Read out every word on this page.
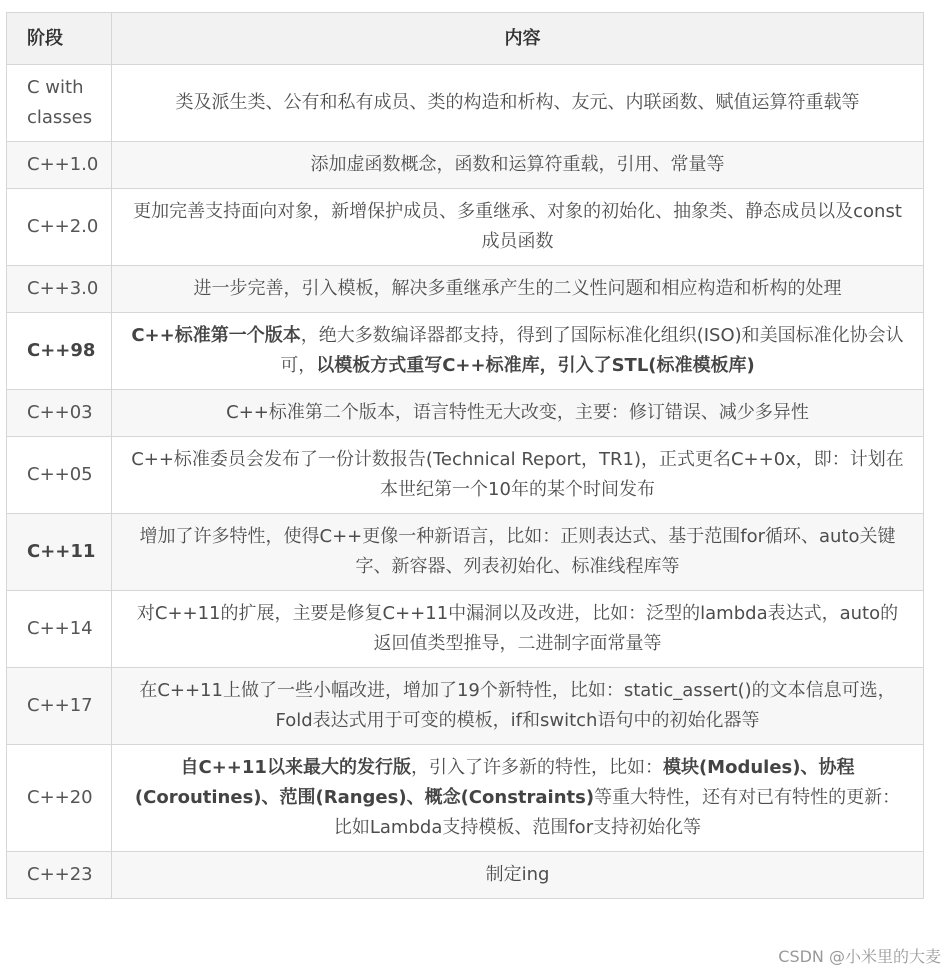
阶段	内容
C with classes	类及派生类、公有和私有成员、类的构造和析构、友元、内联函数、赋值运算符重载等
C++1.0	添加虚函数概念，函数和运算符重载，引用、常量等
C++2.0	更加完善支持面向对象，新增保护成员、多重继承、对象的初始化、抽象类、静态成员以及const成员函数
C++3.0	进一步完善，引入模板，解决多重继承产生的二义性问题和相应构造和析构的处理
C++98	C++标准第一个版本，绝大多数编译器都支持，得到了国际标准化组织(ISO)和美国标准化协会认可，以模板方式重写C++标准库，引入了STL(标准模板库)
C++03	C++标准第二个版本，语言特性无大改变，主要：修订错误、减少多异性
C++05	C++标准委员会发布了一份计数报告(Technical Report，TR1)，正式更名C++0x，即：计划在本世纪第一个10年的某个时间发布
C++11	增加了许多特性，使得C++更像一种新语言，比如：正则表达式、基于范围for循环、auto关键字、新容器、列表初始化、标准线程库等
C++14	对C++11的扩展，主要是修复C++11中漏洞以及改进，比如：泛型的lambda表达式，auto的返回值类型推导，二进制字面常量等
C++17	在C++11上做了一些小幅改进，增加了19个新特性，比如：static_assert()的文本信息可选，Fold表达式用于可变的模板，if和switch语句中的初始化器等
C++20	自C++11以来最大的发行版，引入了许多新的特性，比如：模块(Modules)、协程(Coroutines)、范围(Ranges)、概念(Constraints)等重大特性，还有对已有特性的更新：比如Lambda支持模板、范围for支持初始化等
C++23	制定ing
CSDN @小米里的大麦
